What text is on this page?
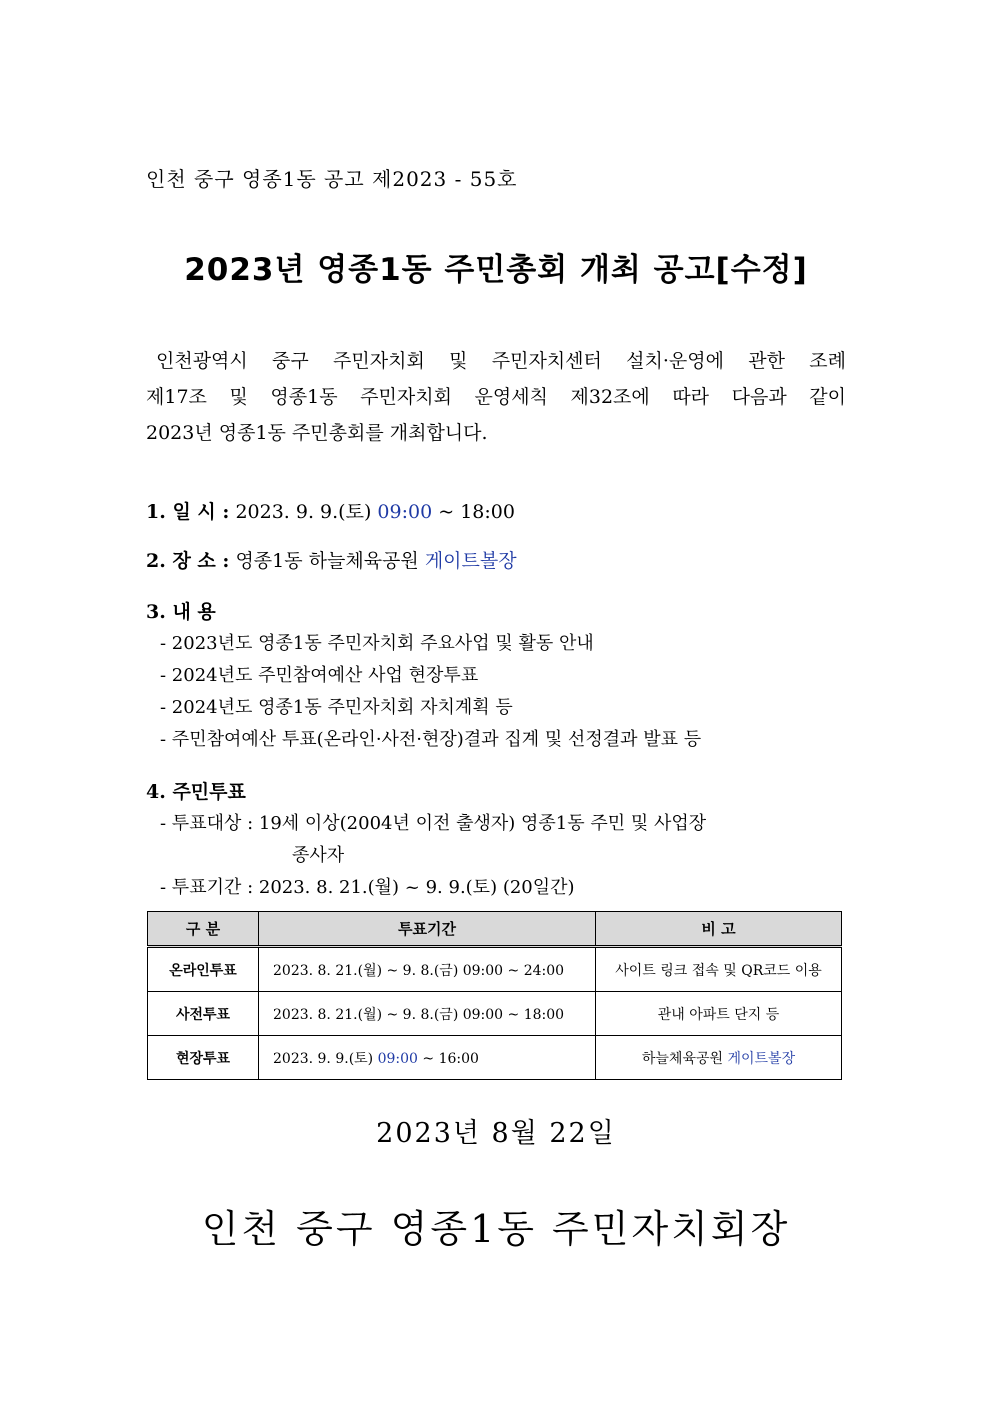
인천 중구 영종1동 공고 제2023 - 55호
2023년 영종1동 주민총회 개최 공고[수정]
인천광역시 중구 주민자치회 및 주민자치센터 설치·운영에 관한 조례
제17조 및 영종1동 주민자치회 운영세칙 제32조에 따라 다음과 같이
2023년 영종1동 주민총회를 개최합니다.
1. 일 시 : 2023. 9. 9.(토) 09:00 ~ 18:00
2. 장 소 : 영종1동 하늘체육공원 게이트볼장
3. 내 용
- 2023년도 영종1동 주민자치회 주요사업 및 활동 안내
- 2024년도 주민참여예산 사업 현장투표
- 2024년도 영종1동 주민자치회 자치계획 등
- 주민참여예산 투표(온라인·사전·현장)결과 집계 및 선정결과 발표 등
4. 주민투표
- 투표대상 : 19세 이상(2004년 이전 출생자) 영종1동 주민 및 사업장
종사자
- 투표기간 : 2023. 8. 21.(월) ~ 9. 9.(토) (20일간)
구 분	투표기간	비 고
온라인투표	2023. 8. 21.(월) ~ 9. 8.(금) 09:00 ~ 24:00	사이트 링크 접속 및 QR코드 이용
사전투표	2023. 8. 21.(월) ~ 9. 8.(금) 09:00 ~ 18:00	관내 아파트 단지 등
현장투표	2023. 9. 9.(토) 09:00 ~ 16:00	하늘체육공원 게이트볼장
2023년 8월 22일
인천 중구 영종1동 주민자치회장
